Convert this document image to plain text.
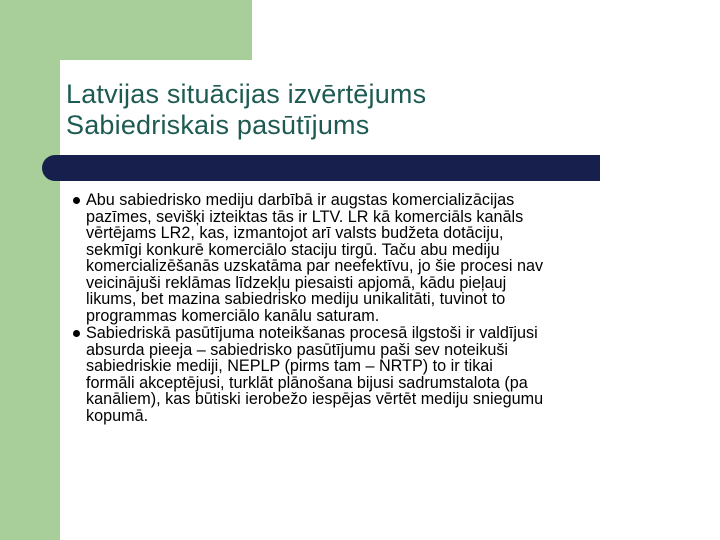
Latvijas situācijas izvērtējums
Sabiedriskais pasūtījums
Abu sabiedrisko mediju darbībā ir augstas komercializācijas
pazīmes, sevišķi izteiktas tās ir LTV. LR kā komerciāls kanāls
vērtējams LR2, kas, izmantojot arī valsts budžeta dotāciju,
sekmīgi konkurē komerciālo staciju tirgū. Taču abu mediju
komercializēšanās uzskatāma par neefektīvu, jo šie procesi nav
veicinājuši reklāmas līdzekļu piesaisti apjomā, kādu pieļauj
likums, bet mazina sabiedrisko mediju unikalitāti, tuvinot to
programmas komerciālo kanālu saturam.
Sabiedriskā pasūtījuma noteikšanas procesā ilgstoši ir valdījusi
absurda pieeja – sabiedrisko pasūtījumu paši sev noteikuši
sabiedriskie mediji, NEPLP (pirms tam – NRTP) to ir tikai
formāli akceptējusi, turklāt plānošana bijusi sadrumstalota (pa
kanāliem), kas būtiski ierobežo iespējas vērtēt mediju sniegumu
kopumā.
